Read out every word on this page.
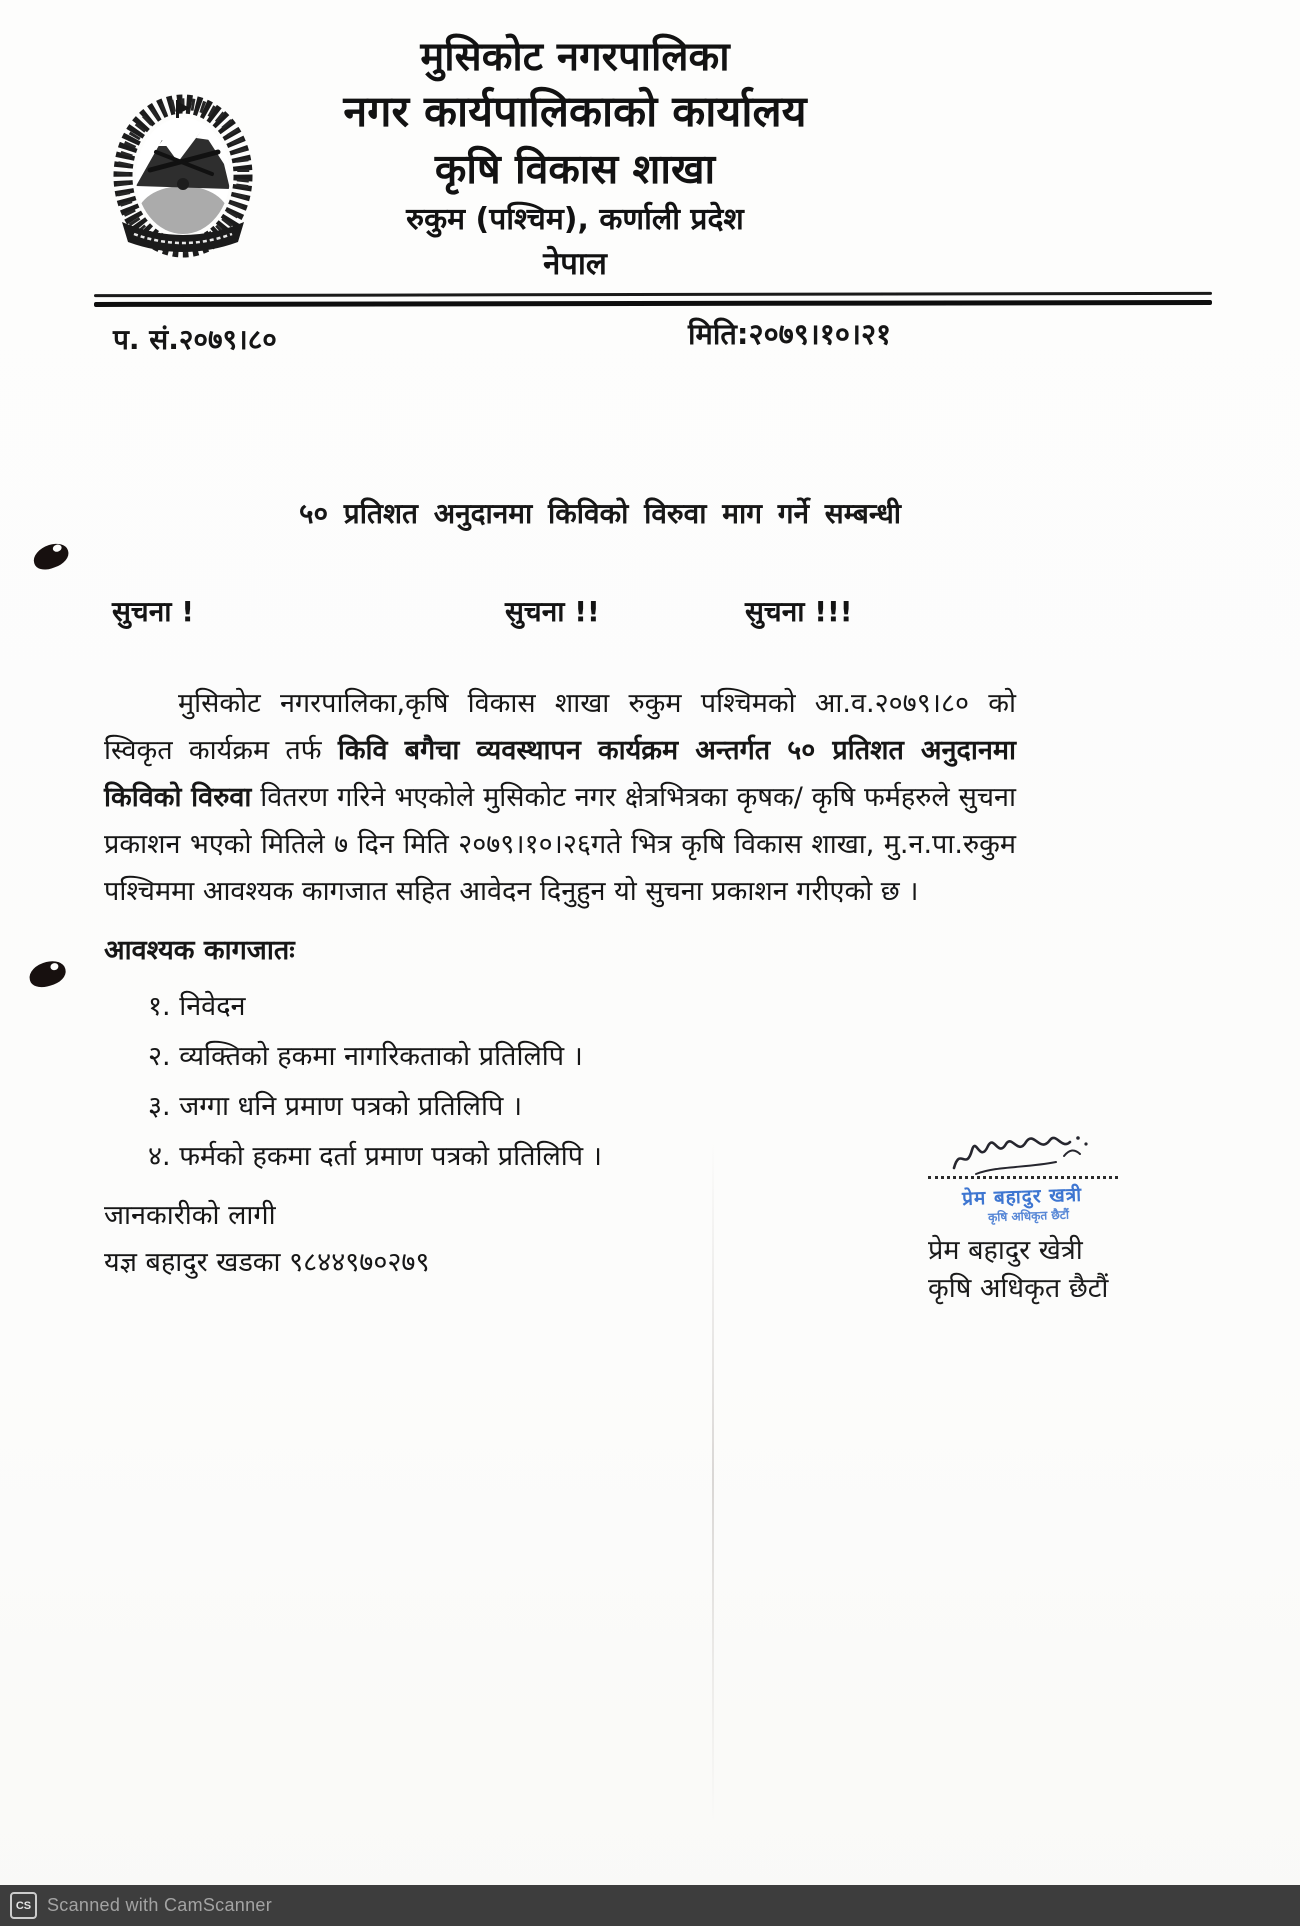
मुसिकोट नगरपालिका
नगर कार्यपालिकाको कार्यालय
कृषि विकास शाखा
रुकुम (पश्चिम), कर्णाली प्रदेश
नेपाल
प. सं.२०७९।८०	मिति:२०७९।१०।२१
५० प्रतिशत अनुदानमा किविको विरुवा माग गर्ने सम्बन्धी
सुचना !	सुचना !!	सुचना !!!

मुसिकोट नगरपालिका,कृषि विकास शाखा रुकुम पश्चिमको आ.व.२०७९।८० को स्विकृत कार्यक्रम तर्फ किवि बगैचा व्यवस्थापन कार्यक्रम अन्तर्गत ५० प्रतिशत अनुदानमा किविको विरुवा वितरण गरिने भएकोले मुसिकोट नगर क्षेत्रभित्रका कृषक/ कृषि फर्महरुले सुचना प्रकाशन भएको मितिले ७ दिन मिति २०७९।१०।२६गते भित्र कृषि विकास शाखा, मु.न.पा.रुकुम पश्चिममा आवश्यक कागजात सहित आवेदन दिनुहुन यो सुचना प्रकाशन गरीएको छ ।

आवश्यक कागजातः

१. निवेदन
२. व्यक्तिको हकमा नागरिकताको प्रतिलिपि ।
३. जग्गा धनि प्रमाण पत्रको प्रतिलिपि ।
४. फर्मको हकमा दर्ता प्रमाण पत्रको प्रतिलिपि ।
जानकारीको लागी
यज्ञ बहादुर खडका ९८४४९७०२७९
प्रेम बहादुर खत्री
कृषि अधिकृत छैटौं
प्रेम बहादुर खेत्री
कृषि अधिकृत छैटौं
CS Scanned with CamScanner
